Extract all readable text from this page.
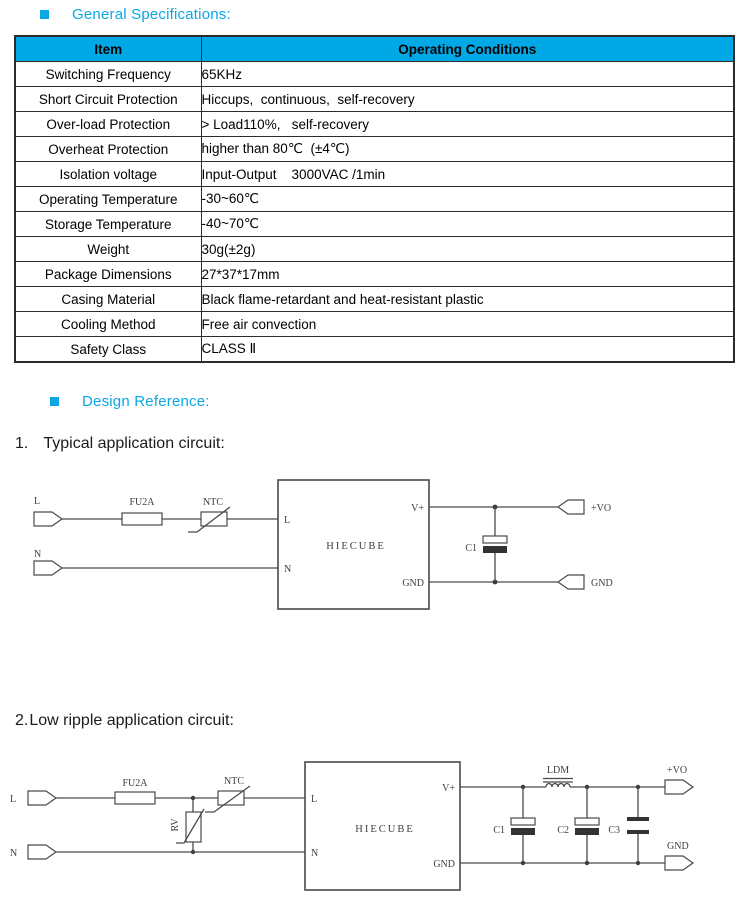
General Specifications:
Item	Operating Conditions
Switching Frequency	65KHz
Short Circuit Protection	Hiccups,  continuous,  self-recovery
Over-load Protection	> Load110%,   self-recovery
Overheat Protection	higher than 80℃  (±4℃)
Isolation voltage	Input-Output    3000VAC /1min
Operating Temperature	-30~60℃
Storage Temperature	-40~70℃
Weight	30g(±2g)
Package Dimensions	27*37*17mm
Casing Material	Black flame-retardant and heat-resistant plastic
Cooling Method	Free air convection
Safety Class	CLASS Ⅱ
Design Reference:
1. Typical application circuit:
L	FU2A	NTC
N
HIECUBE
L
N
V+
GND
C1
+VO
GND
2. Low ripple application circuit:
L
FU2A	NTC
RV
N
HIECUBE
L
N
V+
GND
LDM
C1	C2	C3
+VO
GND
